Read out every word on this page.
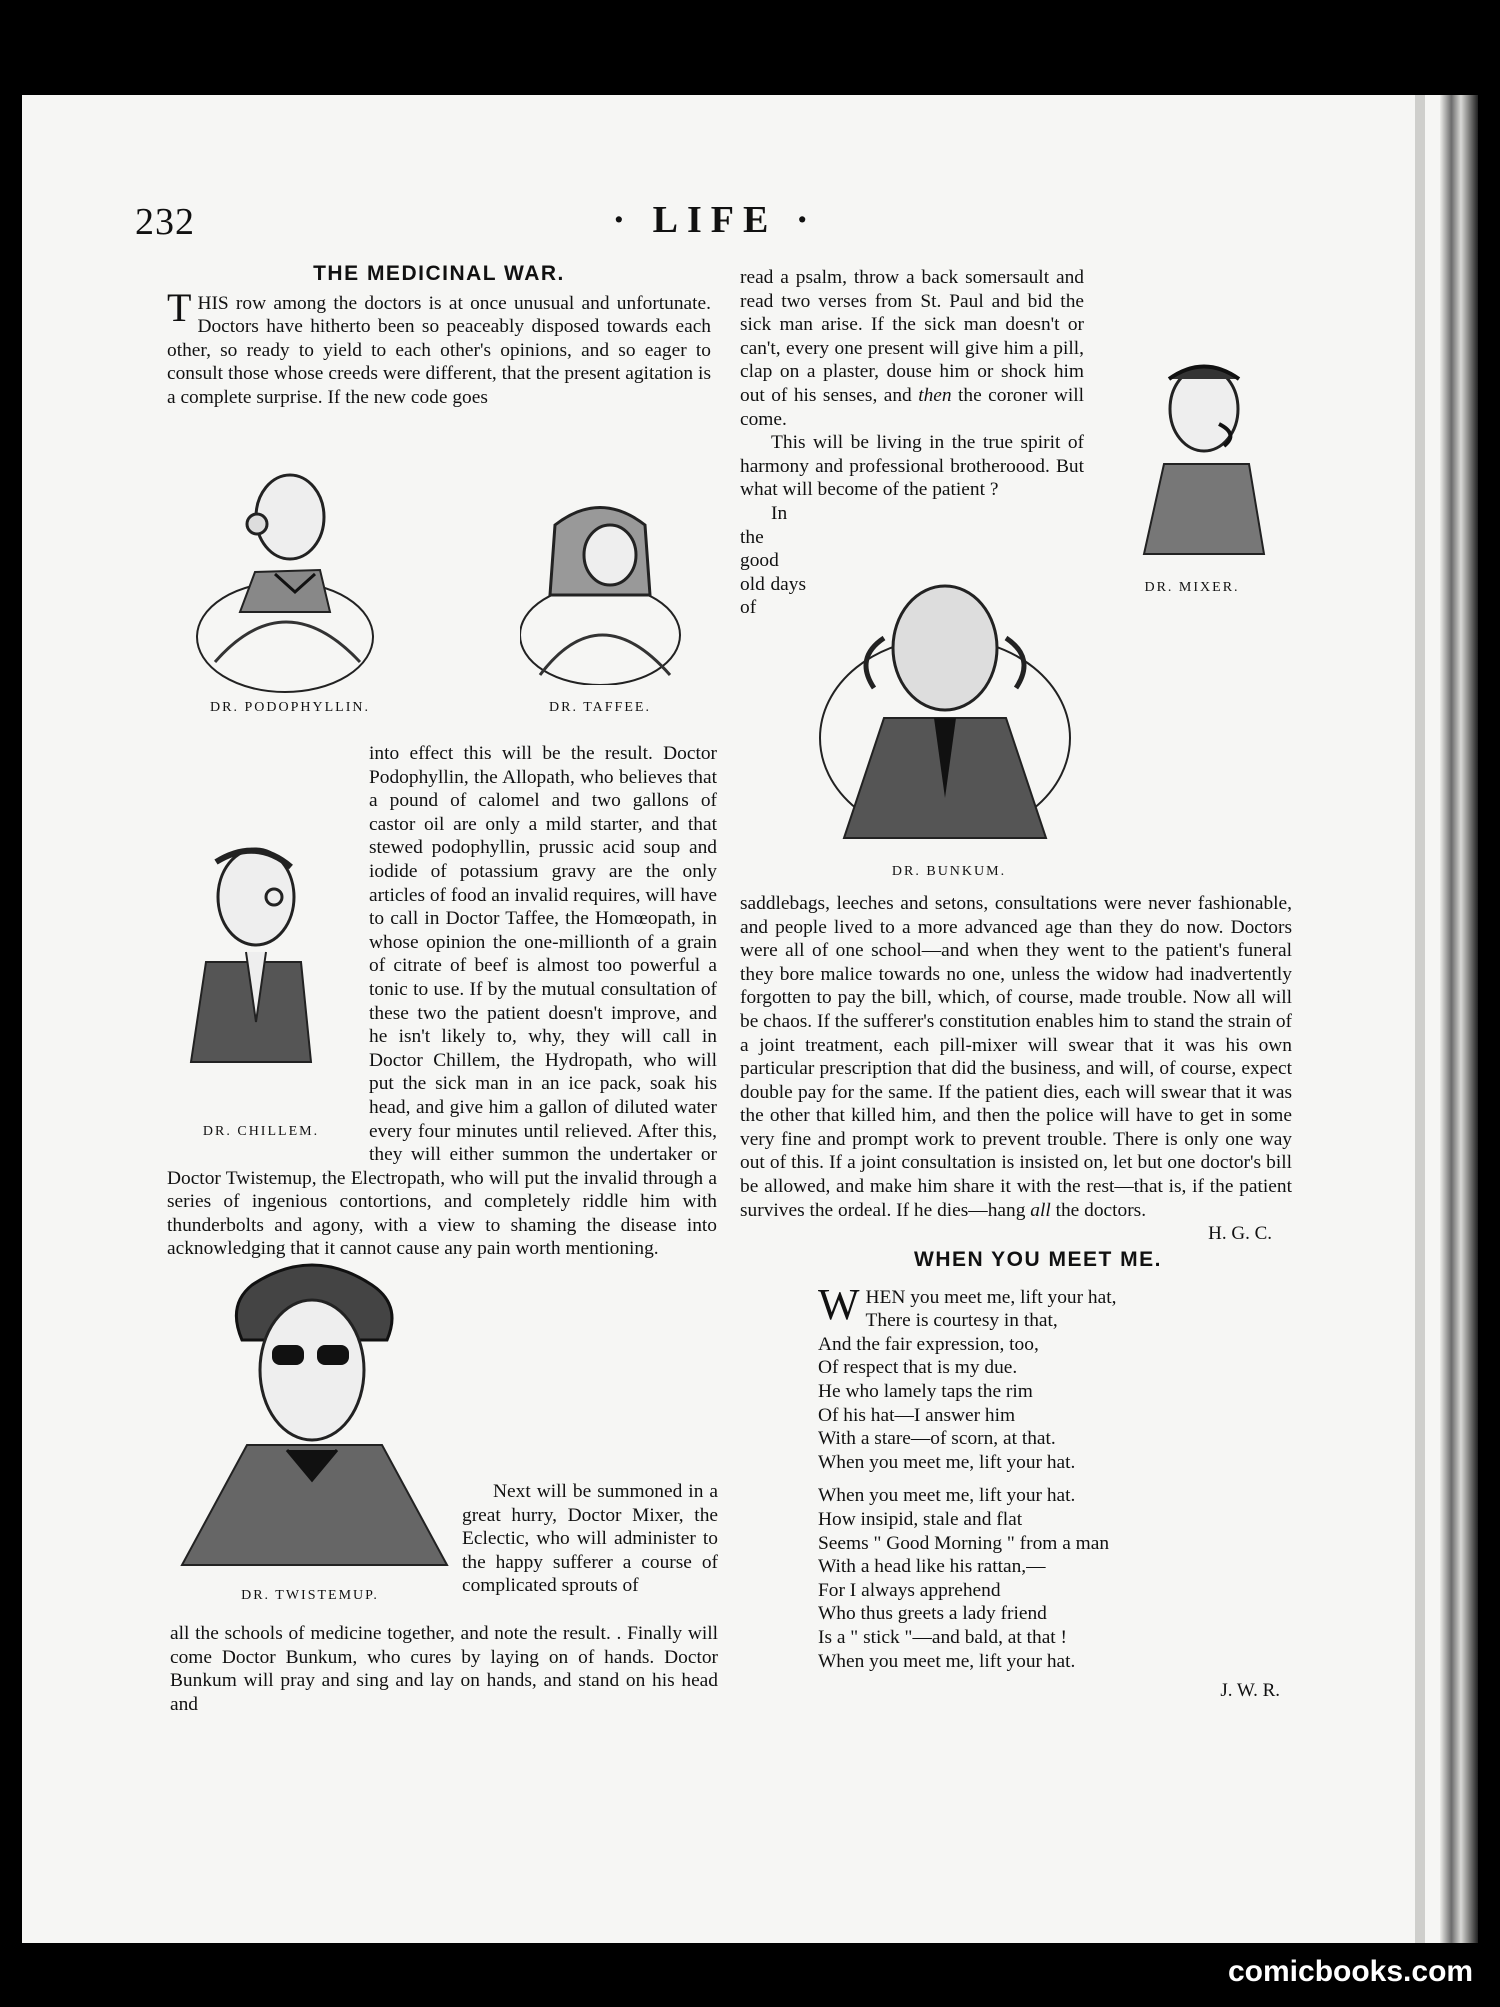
232	· LIFE ·
THE MEDICINAL WAR.

THIS row among the doctors is at once unusual and unfortunate. Doctors have hitherto been so peaceably disposed towards each other, so ready to yield to each other's opinions, and so eager to consult those whose creeds were different, that the present agitation is a complete surprise. If the new code goes

DR. PODOPHYLLIN.	DR. TAFFEE.
DR. CHILLEM.

into effect this will be the result. Doctor Podophyllin, the Allopath, who believes that a pound of calomel and two gallons of castor oil are only a mild starter, and that stewed podophyllin, prussic acid soup and iodide of potassium gravy are the only articles of food an invalid requires, will have to call in Doctor Taffee, the Homœopath, in whose opinion the one-millionth of a grain of citrate of beef is almost too powerful a tonic to use. If by the mutual consultation of these two the patient doesn't improve, and he isn't likely to, why, they will call in Doctor Chillem, the Hydropath, who will put the sick man in an ice pack, soak his head, and give him a gallon of diluted water every four minutes until relieved. After this, they will either summon the undertaker or Doctor Twistemup, the Electropath, who will put the invalid through a series of ingenious contortions, and completely riddle him with thunderbolts and agony, with a view to shaming the disease into acknowledging that it cannot cause any pain worth mentioning.

DR. TWISTEMUP.

Next will be summoned in a great hurry, Doctor Mixer, the Eclectic, who will administer to the happy sufferer a course of complicated sprouts of

all the schools of medicine together, and note the result. . Finally will come Doctor Bunkum, who cures by laying on of hands. Doctor Bunkum will pray and sing and lay on hands, and stand on his head and

DR. MIXER.

read a psalm, throw a back somersault and read two verses from St. Paul and bid the sick man arise. If the sick man doesn't or can't, every one present will give him a pill, clap on a plaster, douse him or shock him out of his senses, and then the coroner will come.

This will be living in the true spirit of harmony and professional brotheroood. But what will become of the patient ?

DR. BUNKUM.

In the good old days of saddlebags, leeches and setons, consultations were never fashionable, and people lived to a more advanced age than they do now. Doctors were all of one school—and when they went to the patient's funeral they bore malice towards no one, unless the widow had inadvertently forgotten to pay the bill, which, of course, made trouble. Now all will be chaos. If the sufferer's constitution enables him to stand the strain of a joint treatment, each pill-mixer will swear that it was his own particular prescription that did the business, and will, of course, expect double pay for the same. If the patient dies, each will swear that it was the other that killed him, and then the police will have to get in some very fine and prompt work to prevent trouble. There is only one way out of this. If a joint consultation is insisted on, let but one doctor's bill be allowed, and make him share it with the rest—that is, if the patient survives the ordeal. If he dies—hang all the doctors.

H. G. C.
WHEN YOU MEET ME.
W HEN you meet me, lift your hat,
There is courtesy in that,
And the fair expression, too,
Of respect that is my due.
He who lamely taps the rim
Of his hat—I answer him
With a stare—of scorn, at that.
When you meet me, lift your hat.
When you meet me, lift your hat.
How insipid, stale and flat
Seems " Good Morning " from a man
With a head like his rattan,—
For I always apprehend
Who thus greets a lady friend
Is a " stick "—and bald, at that !
When you meet me, lift your hat.
J. W. R.
comicbooks.com
